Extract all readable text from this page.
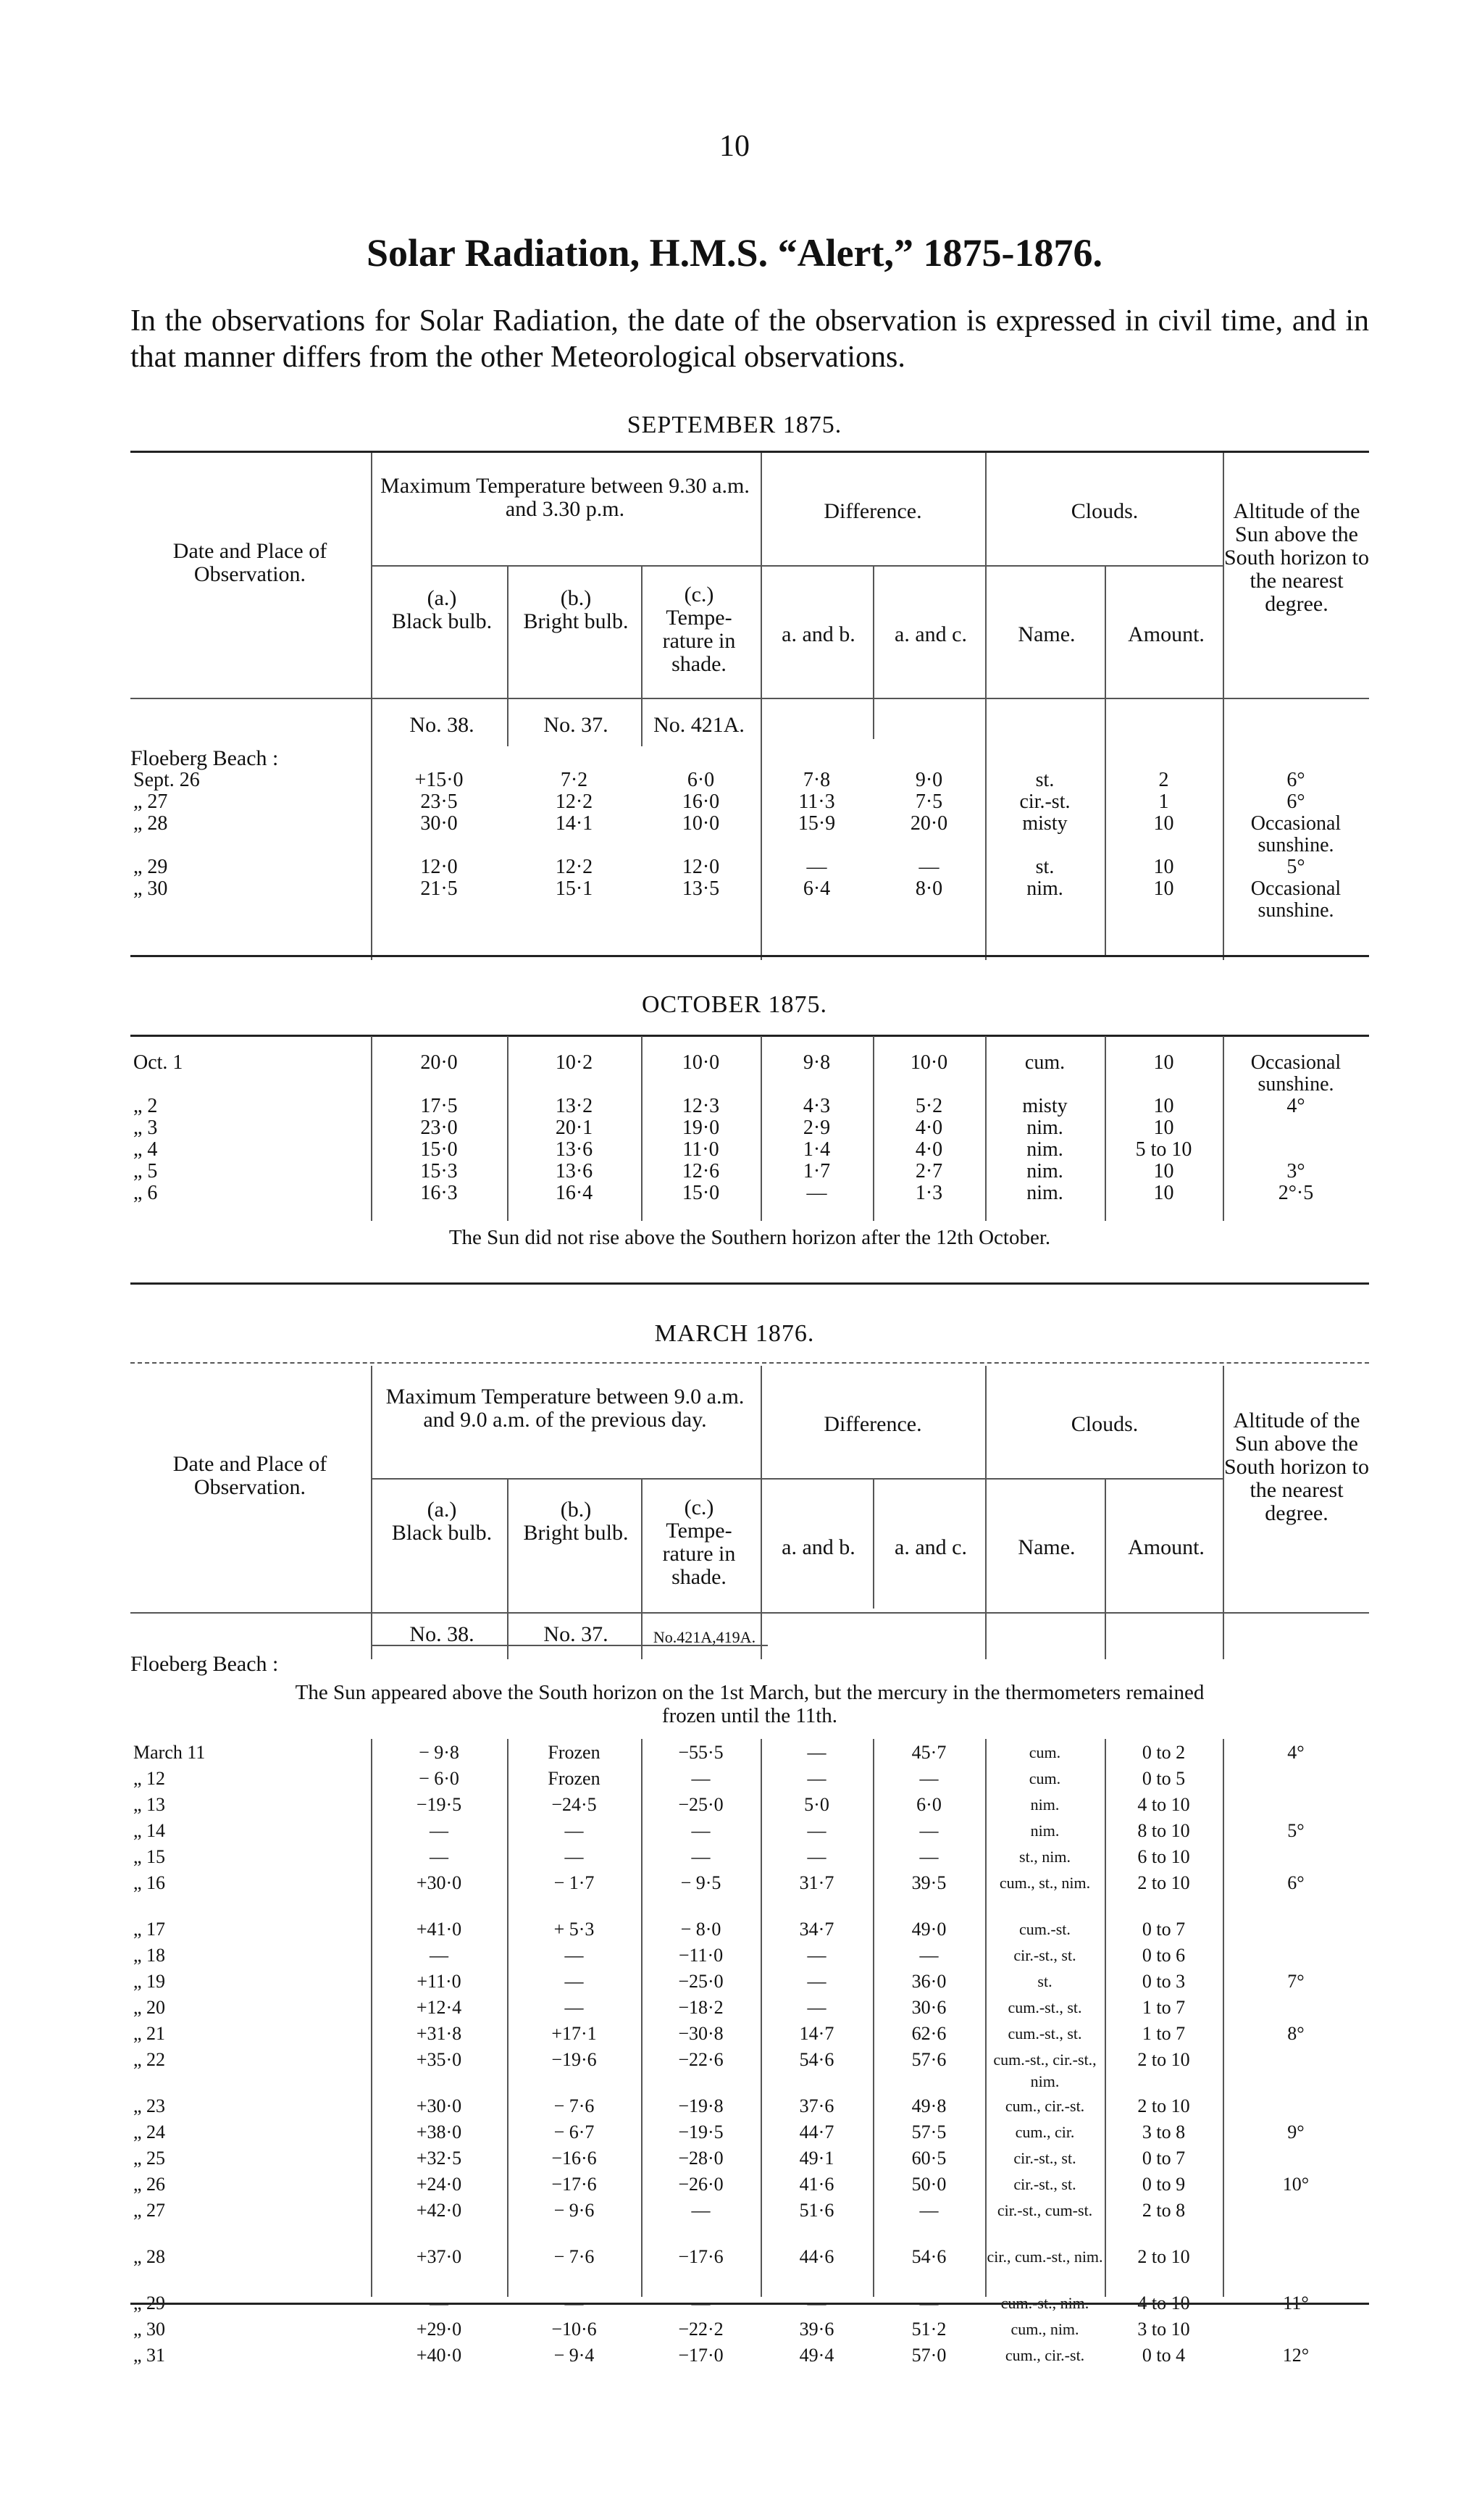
10
Solar Radiation, H.M.S. “Alert,” 1875-1876.
In the observations for Solar Radiation, the date of the observation is expressed in civil time, and in that manner differs from the other Meteorological observations.
SEPTEMBER 1875.
Date and Place of Observation.
Maximum Temperature between 9.30 a.m. and 3.30 p.m.
(a.)
Black bulb.
(b.)
Bright bulb.
(c.)
Tempe- rature in shade.
Difference.
a. and b.	a. and c.
Clouds.
Name.	Amount.
Altitude of the Sun above the South horizon to the nearest degree.
No. 38.	No. 37.	No. 421A.
Floeberg Beach :
Sept. 26	+15·0	7·2	6·0	7·8	9·0	st.	2	6°
„ 27	23·5	12·2	16·0	11·3	7·5	cir.-st.	1	6°
„ 28	30·0	14·1	10·0	15·9	20·0	misty	10	Occasional sunshine.
„ 29	12·0	12·2	12·0	—	—	st.	10	5°
„ 30	21·5	15·1	13·5	6·4	8·0	nim.	10	Occasional sunshine.
OCTOBER 1875.
Oct. 1	20·0	10·2	10·0	9·8	10·0	cum.	10	Occasional sunshine.
„ 2	17·5	13·2	12·3	4·3	5·2	misty	10	4°
„ 3	23·0	20·1	19·0	2·9	4·0	nim.	10	
„ 4	15·0	13·6	11·0	1·4	4·0	nim.	5 to 10	
„ 5	15·3	13·6	12·6	1·7	2·7	nim.	10	3°
„ 6	16·3	16·4	15·0	—	1·3	nim.	10	2°·5
The Sun did not rise above the Southern horizon after the 12th October.
MARCH 1876.
Date and Place of Observation.
Maximum Temperature between 9.0 a.m. and 9.0 a.m. of the previous day.
(a.)
Black bulb.
(b.)
Bright bulb.
(c.)
Tempe- rature in shade.
Difference.
a. and b.	a. and c.
Clouds.
Name.	Amount.
Altitude of the Sun above the South horizon to the nearest degree.
No. 38.	No. 37.	No.421A,419A.
Floeberg Beach :
The Sun appeared above the South horizon on the 1st March, but the mercury in the thermometers remained frozen until the 11th.
March 11	− 9·8	Frozen	−55·5	—	45·7	cum.	0 to 2	4°
„ 12	− 6·0	Frozen	—	—	—	cum.	0 to 5	
„ 13	−19·5	−24·5	−25·0	5·0	6·0	nim.	4 to 10	
„ 14	—	—	—	—	—	nim.	8 to 10	5°
„ 15	—	—	—	—	—	st., nim.	6 to 10	
„ 16	+30·0	− 1·7	− 9·5	31·7	39·5	cum., st., nim.	2 to 10	6°
„ 17	+41·0	+ 5·3	− 8·0	34·7	49·0	cum.-st.	0 to 7	
„ 18	—	—	−11·0	—	—	cir.-st., st.	0 to 6	
„ 19	+11·0	—	−25·0	—	36·0	st.	0 to 3	7°
„ 20	+12·4	—	−18·2	—	30·6	cum.-st., st.	1 to 7	
„ 21	+31·8	+17·1	−30·8	14·7	62·6	cum.-st., st.	1 to 7	8°
„ 22	+35·0	−19·6	−22·6	54·6	57·6	cum.-st., cir.-st., nim.	2 to 10	
„ 23	+30·0	− 7·6	−19·8	37·6	49·8	cum., cir.-st.	2 to 10	
„ 24	+38·0	− 6·7	−19·5	44·7	57·5	cum., cir.	3 to 8	9°
„ 25	+32·5	−16·6	−28·0	49·1	60·5	cir.-st., st.	0 to 7	
„ 26	+24·0	−17·6	−26·0	41·6	50·0	cir.-st., st.	0 to 9	10°
„ 27	+42·0	− 9·6	—	51·6	—	cir.-st., cum-st.	2 to 8	
„ 28	+37·0	− 7·6	−17·6	44·6	54·6	cir., cum.-st., nim.	2 to 10	
„ 29	—	—	—	—	—	cum.-st., nim.	4 to 10	11°
„ 30	+29·0	−10·6	−22·2	39·6	51·2	cum., nim.	3 to 10	
„ 31	+40·0	− 9·4	−17·0	49·4	57·0	cum., cir.-st.	0 to 4	12°
